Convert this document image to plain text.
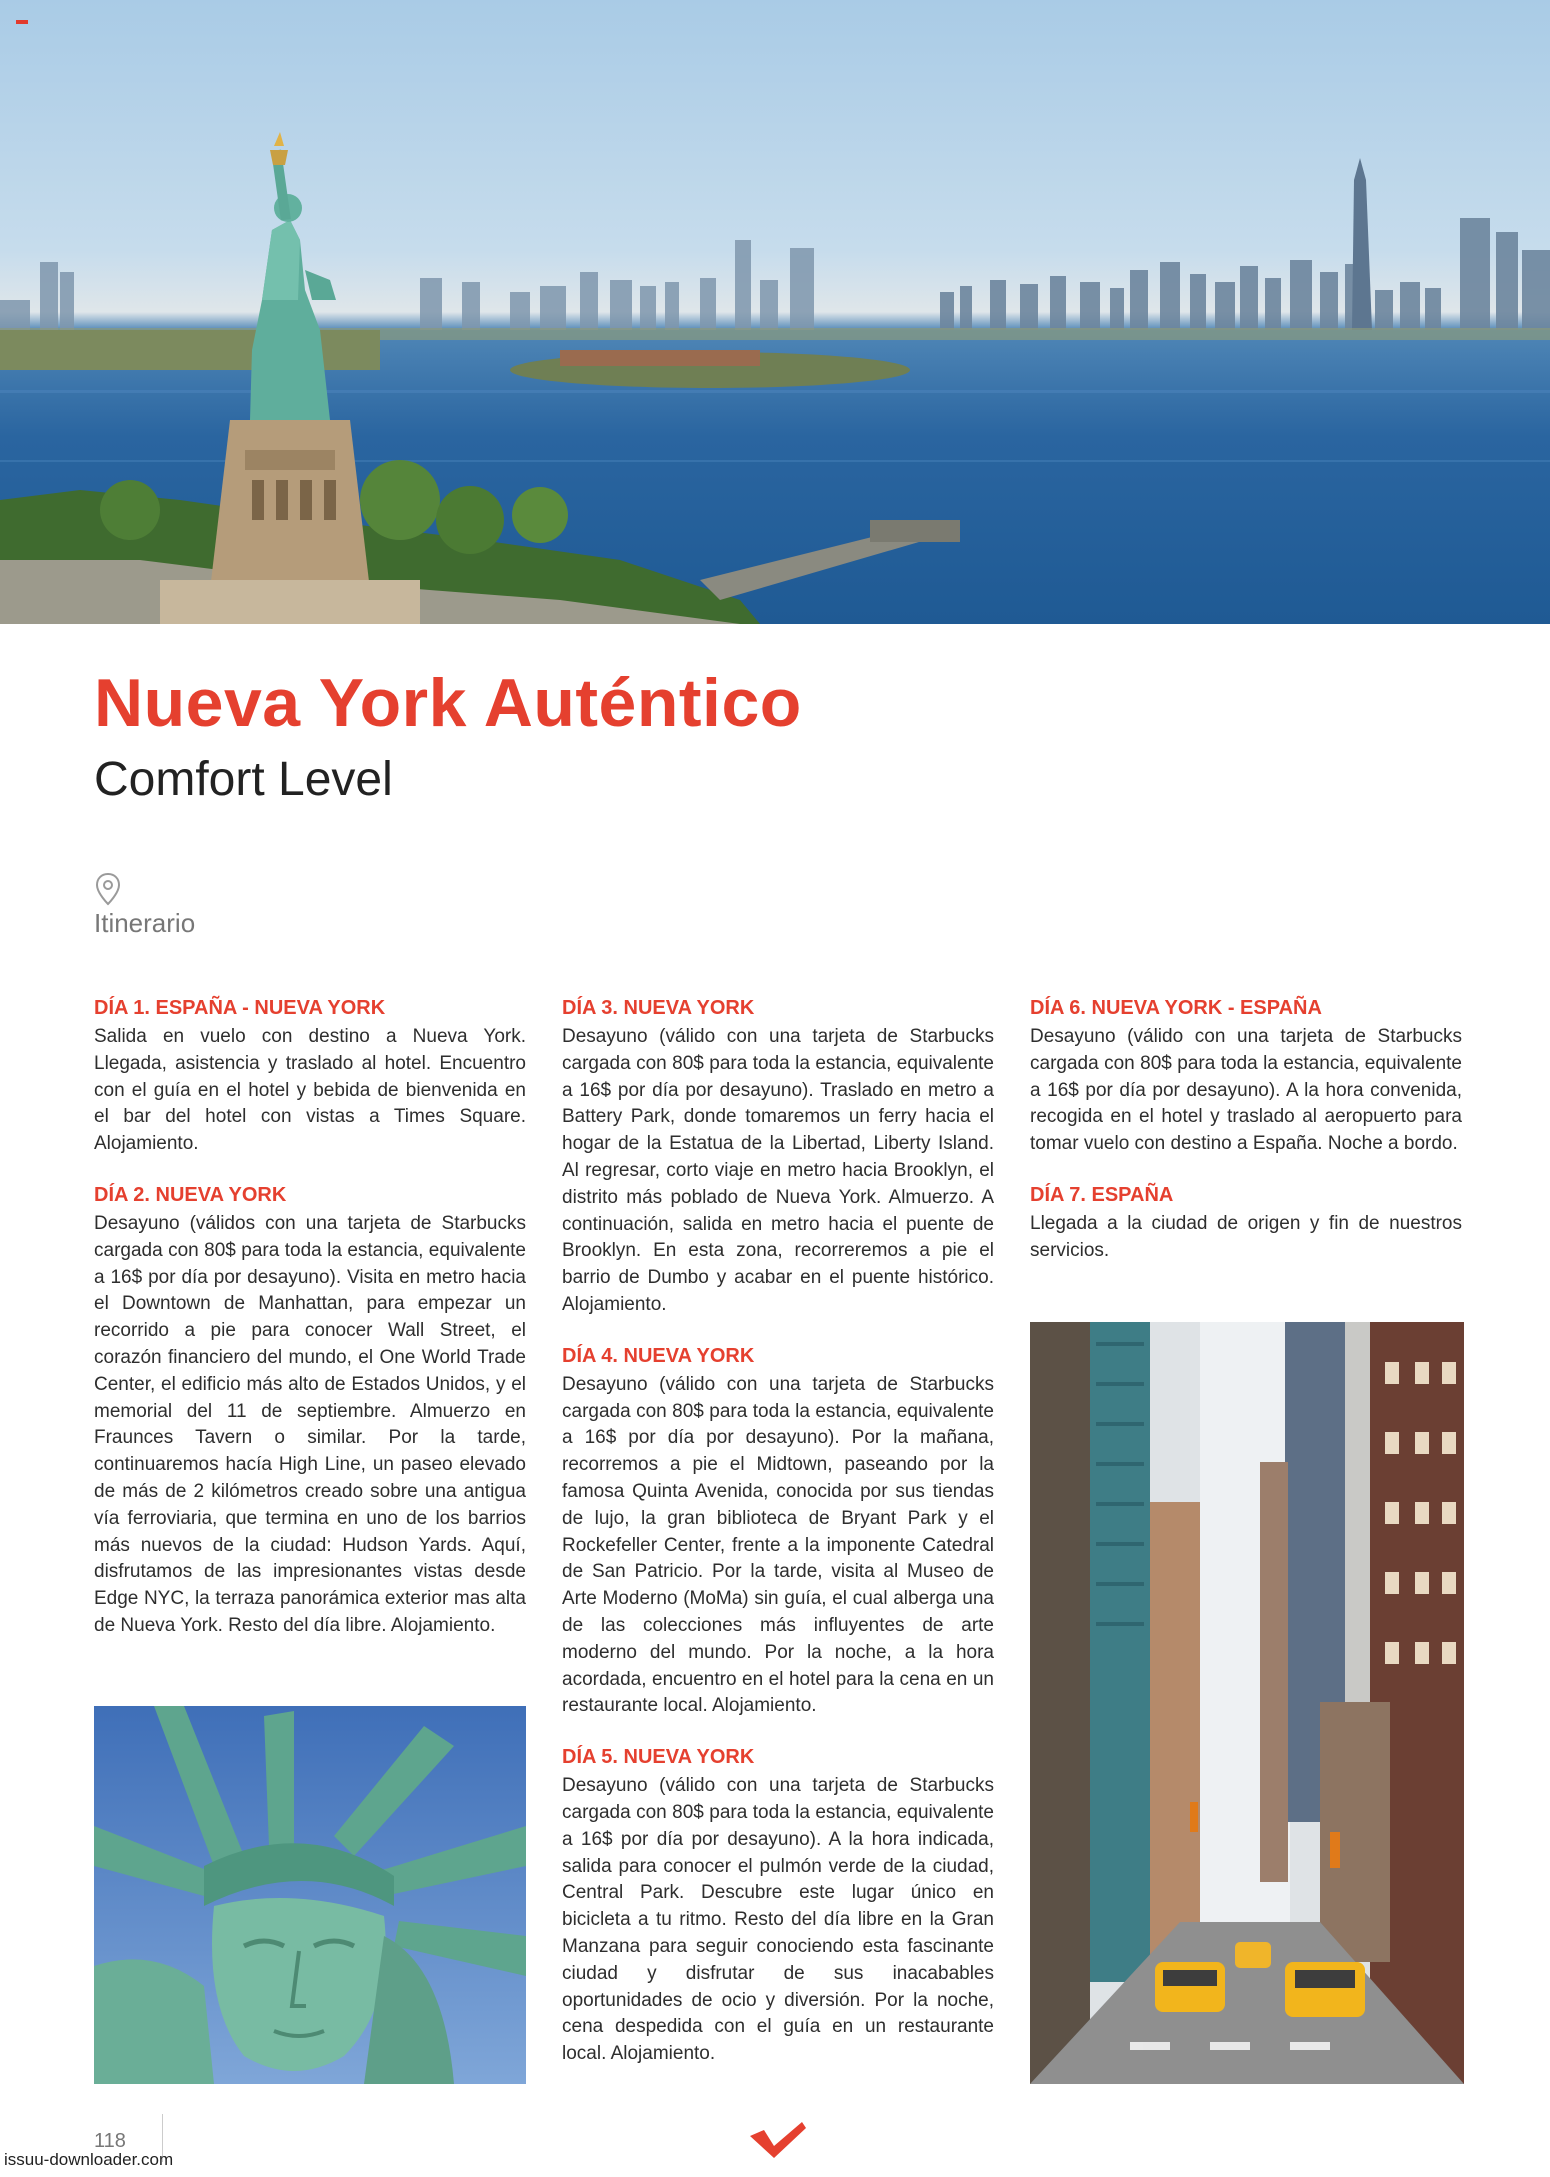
Nueva York Auténtico
Comfort Level
Itinerario
DÍA 1. ESPAÑA - NUEVA YORK

Salida en vuelo con destino a Nueva York. Llegada, asistencia y traslado al hotel. Encuentro con el guía en el hotel y bebida de bienvenida en el bar del hotel con vistas a Times Square. Alojamiento.

DÍA 2. NUEVA YORK

Desayuno (válidos con una tarjeta de Starbucks cargada con 80$ para toda la estancia, equivalente a 16$ por día por desayuno). Visita en metro hacia el Downtown de Manhattan, para empezar un recorrido a pie para conocer Wall Street, el corazón financiero del mundo, el One World Trade Center, el edificio más alto de Estados Unidos, y el memorial del 11 de septiembre. Almuerzo en Fraunces Tavern o similar. Por la tarde, continuaremos hacía High Line, un paseo elevado de más de 2 kilómetros creado sobre una antigua vía ferroviaria, que termina en uno de los barrios más nuevos de la ciudad: Hudson Yards. Aquí, disfrutamos de las impresionantes vistas desde Edge NYC, la terraza panorámica exterior mas alta de Nueva York. Resto del día libre. Alojamiento.

DÍA 3. NUEVA YORK

Desayuno (válido con una tarjeta de Starbucks cargada con 80$ para toda la estancia, equivalente a 16$ por día por desayuno). Traslado en metro a Battery Park, donde tomaremos un ferry hacia el hogar de la Estatua de la Libertad, Liberty Island. Al regresar, corto viaje en metro hacia Brooklyn, el distrito más poblado de Nueva York. Almuerzo. A continuación, salida en metro hacia el puente de Brooklyn. En esta zona, recorreremos a pie el barrio de Dumbo y acabar en el puente histórico. Alojamiento.

DÍA 4. NUEVA YORK

Desayuno (válido con una tarjeta de Starbucks cargada con 80$ para toda la estancia, equivalente a 16$ por día por desayuno). Por la mañana, recorremos a pie el Midtown, paseando por la famosa Quinta Avenida, conocida por sus tiendas de lujo, la gran biblioteca de Bryant Park y el Rockefeller Center, frente a la imponente Catedral de San Patricio. Por la tarde, visita al Museo de Arte Moderno (MoMa) sin guía, el cual alberga una de las colecciones más influyentes de arte moderno del mundo. Por la noche, a la hora acordada, encuentro en el hotel para la cena en un restaurante local. Alojamiento.

DÍA 5. NUEVA YORK

Desayuno (válido con una tarjeta de Starbucks cargada con 80$ para toda la estancia, equivalente a 16$ por día por desayuno). A la hora indicada, salida para conocer el pulmón verde de la ciudad, Central Park. Descubre este lugar único en bicicleta a tu ritmo. Resto del día libre en la Gran Manzana para seguir conociendo esta fascinante ciudad y disfrutar de sus inacabables oportunidades de ocio y diversión. Por la noche, cena despedida con el guía en un restaurante local. Alojamiento.

DÍA 6. NUEVA YORK - ESPAÑA

Desayuno (válido con una tarjeta de Starbucks cargada con 80$ para toda la estancia, equivalente a 16$ por día por desayuno). A la hora convenida, recogida en el hotel y traslado al aeropuerto para tomar vuelo con destino a España. Noche a bordo.

DÍA 7. ESPAÑA

Llegada a la ciudad de origen y fin de nuestros servicios.

118
issuu-downloader.com
